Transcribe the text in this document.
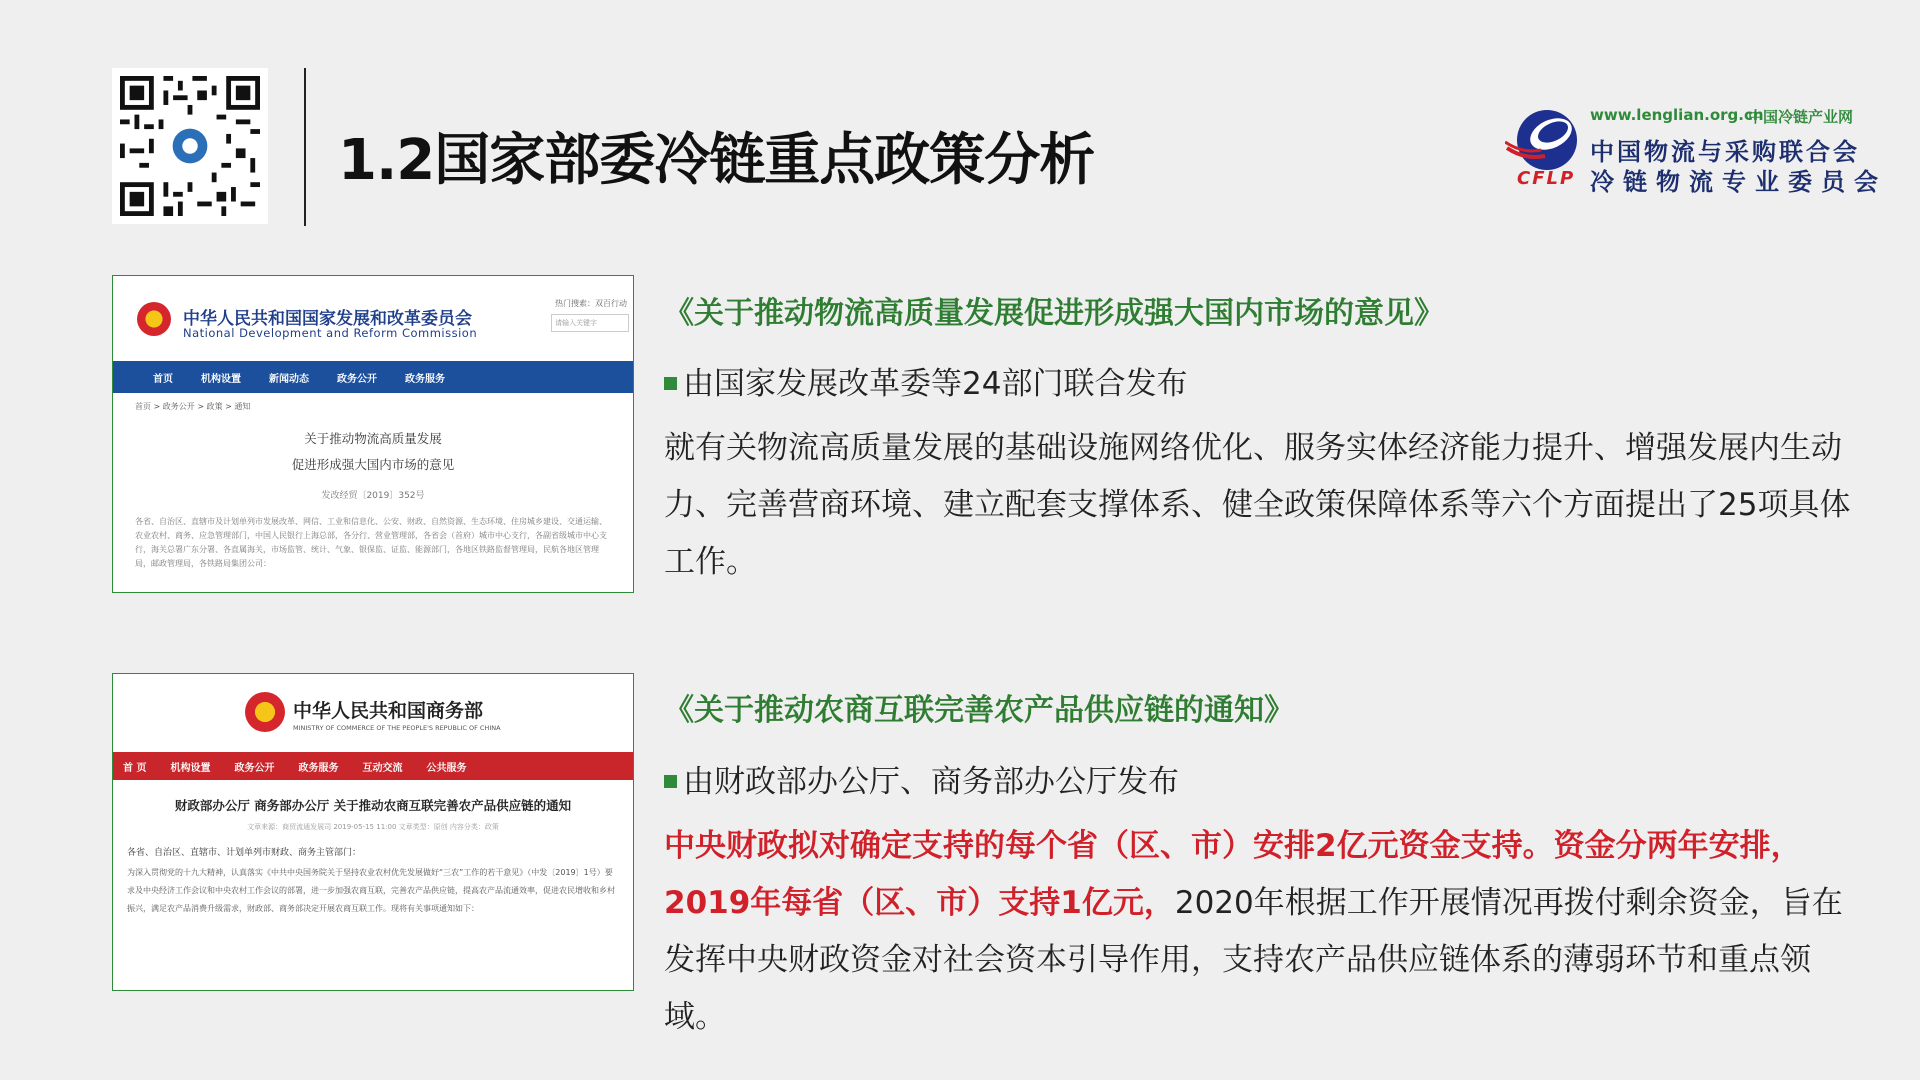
1.2国家部委冷链重点政策分析	CFLP
www.lenglian.org.cn
中国冷链产业网
中国物流与采购联合会
冷链物流专业委员会
中华人民共和国国家发展和改革委员会
National Development and Reform Commission
热门搜索：双百行动
请输入关键字
首页	机构设置	新闻动态	政务公开	政务服务
首页 > 政务公开 > 政策 > 通知
关于推动物流高质量发展
促进形成强大国内市场的意见
发改经贸〔2019〕352号
各省、自治区、直辖市及计划单列市发展改革、网信、工业和信息化、公安、财政、自然资源、生态环境、住房城乡建设、交通运输、农业农村、商务、应急管理部门，中国人民银行上海总部，各分行、营业管理部，各省会（首府）城市中心支行，各副省级城市中心支行，海关总署广东分署、各直属海关，市场监管、统计、气象、银保监、证监、能源部门，各地区铁路监督管理局，民航各地区管理局，邮政管理局，各铁路局集团公司：
中华人民共和国商务部
MINISTRY OF COMMERCE OF THE PEOPLE'S REPUBLIC OF CHINA
首 页 机构设置 政务公开 政务服务 互动交流 公共服务
财政部办公厅 商务部办公厅 关于推动农商互联完善农产品供应链的通知
文章来源：商贸流通发展司 2019-05-15 11:00 文章类型：原创 内容分类：政策
各省、自治区、直辖市、计划单列市财政、商务主管部门：
为深入贯彻党的十九大精神，认真落实《中共中央国务院关于坚持农业农村优先发展做好“三农”工作的若干意见》（中发〔2019〕1号）要求及中央经济工作会议和中央农村工作会议的部署，进一步加强农商互联，完善农产品供应链，提高农产品流通效率，促进农民增收和乡村振兴，满足农产品消费升级需求，财政部、商务部决定开展农商互联工作。现将有关事项通知如下：
《关于推动物流高质量发展促进形成强大国内市场的意见》
由国家发展改革委等24部门联合发布
就有关物流高质量发展的基础设施网络优化、服务实体经济能力提升、增强发展内生动力、完善营商环境、建立配套支撑体系、健全政策保障体系等六个方面提出了25项具体工作。
《关于推动农商互联完善农产品供应链的通知》
由财政部办公厅、商务部办公厅发布
中央财政拟对确定支持的每个省（区、市）安排2亿元资金支持。资金分两年安排，2019年每省（区、市）支持1亿元，2020年根据工作开展情况再拨付剩余资金，旨在发挥中央财政资金对社会资本引导作用，支持农产品供应链体系的薄弱环节和重点领域。
